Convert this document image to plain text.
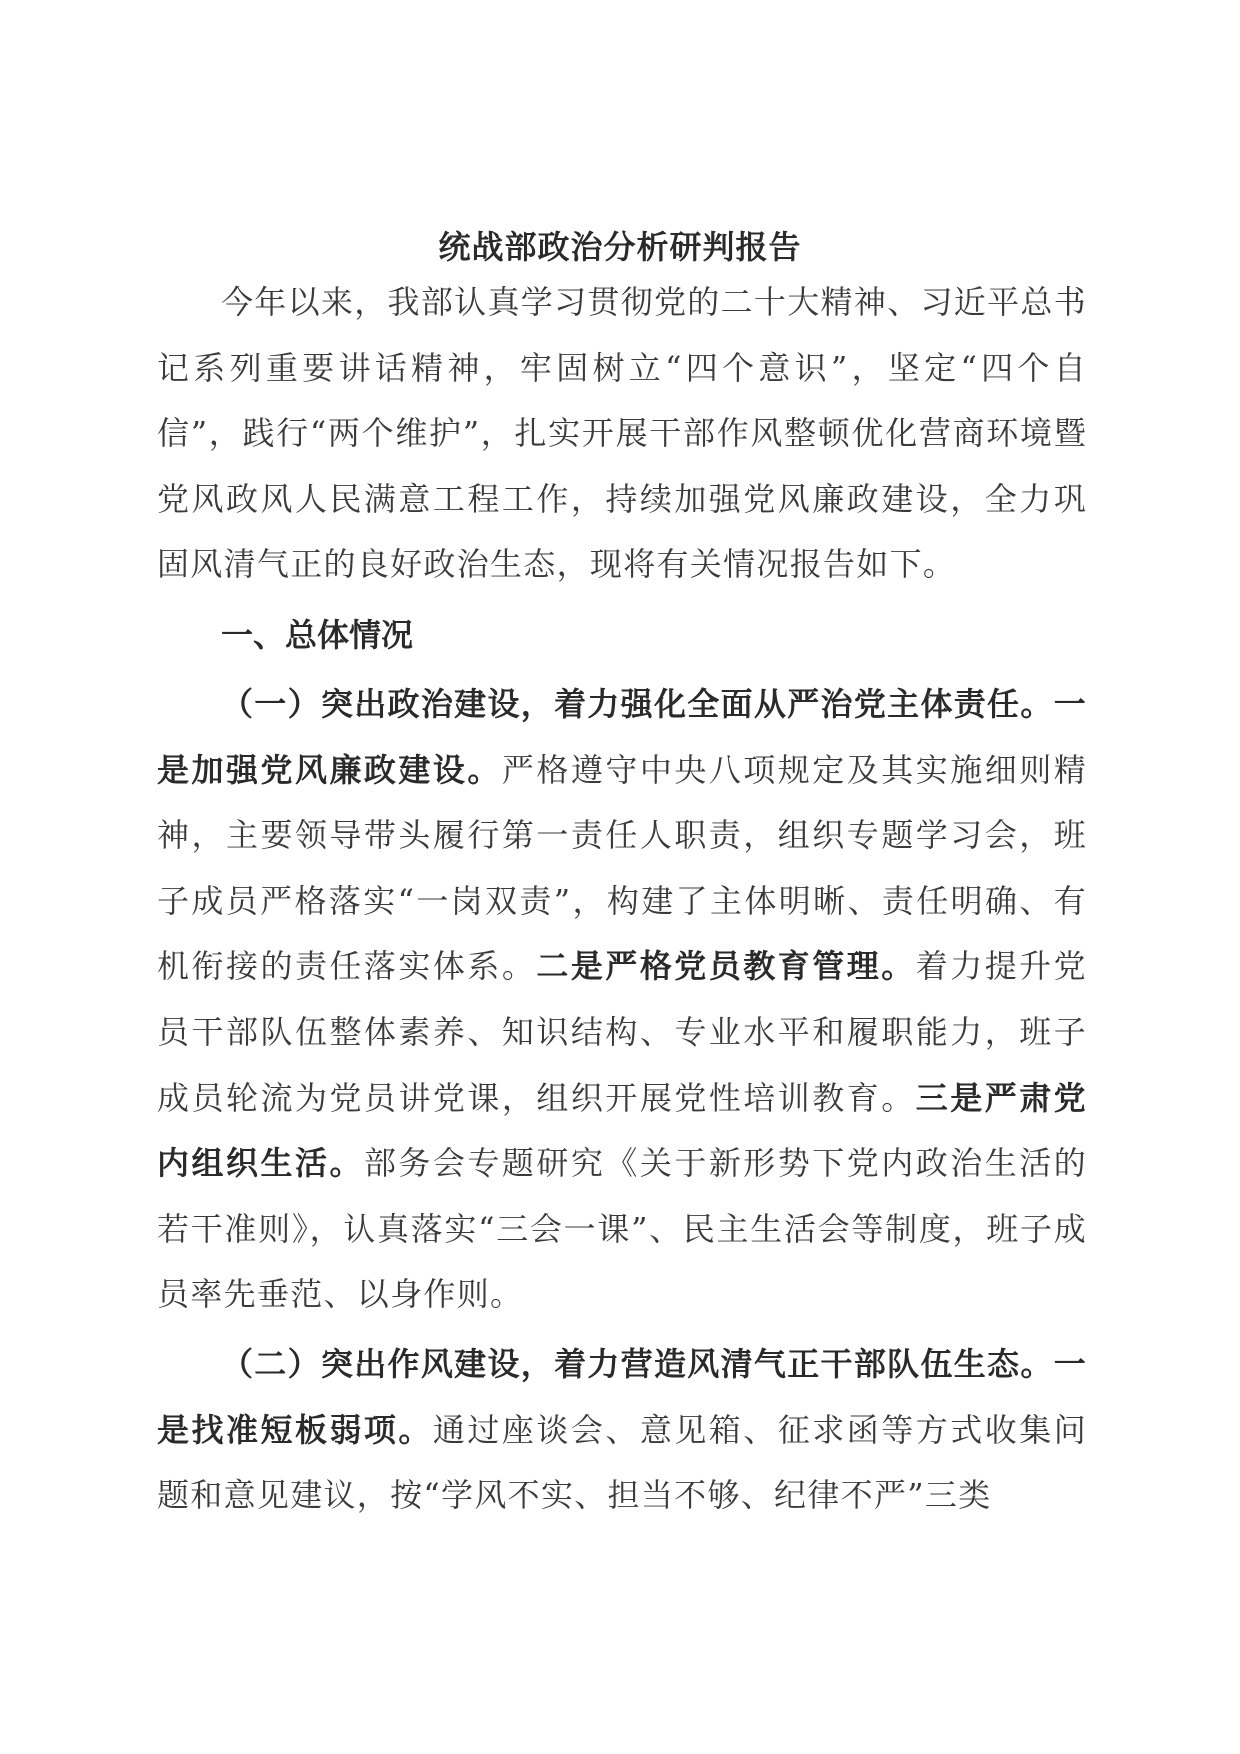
统战部政治分析研判报告

今年以来，我部认真学习贯彻党的二十大精神、习近平总书记系列重要讲话精神，牢固树立“四个意识”，坚定“四个自信”，践行“两个维护”，扎实开展干部作风整顿优化营商环境暨党风政风人民满意工程工作，持续加强党风廉政建设，全力巩固风清气正的良好政治生态，现将有关情况报告如下。

一、总体情况

（一）突出政治建设，着力强化全面从严治党主体责任。一是加强党风廉政建设。严格遵守中央八项规定及其实施细则精神，主要领导带头履行第一责任人职责，组织专题学习会，班子成员严格落实“一岗双责”，构建了主体明晰、责任明确、有机衔接的责任落实体系。二是严格党员教育管理。着力提升党员干部队伍整体素养、知识结构、专业水平和履职能力，班子成员轮流为党员讲党课，组织开展党性培训教育。三是严肃党内组织生活。部务会专题研究《关于新形势下党内政治生活的若干准则》，认真落实“三会一课”、民主生活会等制度，班子成员率先垂范、以身作则。

（二）突出作风建设，着力营造风清气正干部队伍生态。一是找准短板弱项。通过座谈会、意见箱、征求函等方式收集问题和意见建议，按“学风不实、担当不够、纪律不严”三类
